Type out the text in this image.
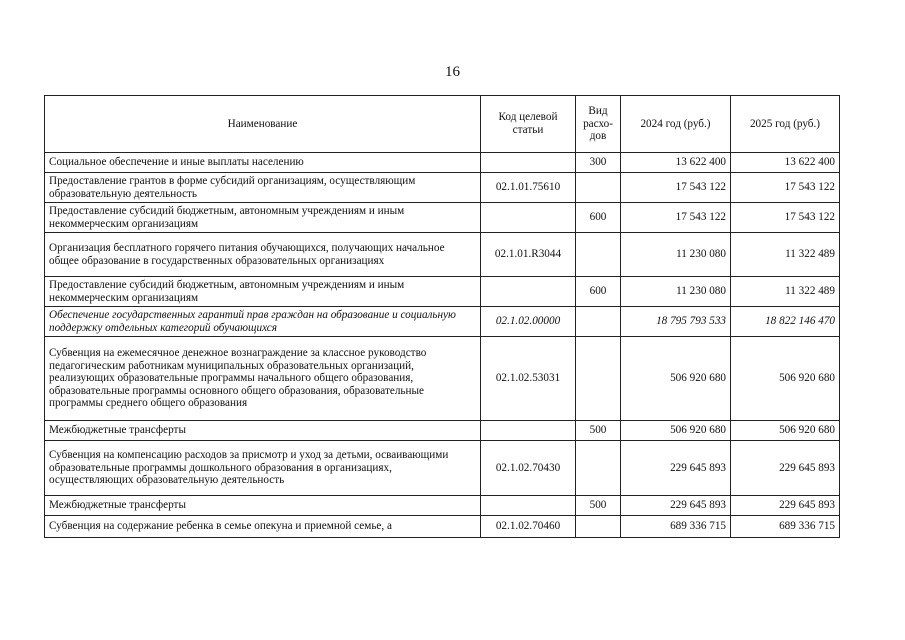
16
Наименование	Код целевой статьи	Вид расхо-дов	2024 год (руб.)	2025 год (руб.)
Социальное обеспечение и иные выплаты населению		300	13 622 400	13 622 400
Предоставление грантов в форме субсидий организациям, осуществляющим образовательную деятельность	02.1.01.75610		17 543 122	17 543 122
Предоставление субсидий бюджетным, автономным учреждениям и иным некоммерческим организациям		600	17 543 122	17 543 122
Организация бесплатного горячего питания обучающихся, получающих начальное общее образование в государственных образовательных организациях	02.1.01.R3044		11 230 080	11 322 489
Предоставление субсидий бюджетным, автономным учреждениям и иным некоммерческим организациям		600	11 230 080	11 322 489
Обеспечение государственных гарантий прав граждан на образование и социальную поддержку отдельных категорий обучающихся	02.1.02.00000		18 795 793 533	18 822 146 470
Субвенция на ежемесячное денежное вознаграждение за классное руководство педагогическим работникам муниципальных образовательных организаций, реализующих образовательные программы начального общего образования, образовательные программы основного общего образования, образовательные программы среднего общего образования	02.1.02.53031		506 920 680	506 920 680
Межбюджетные трансферты		500	506 920 680	506 920 680
Субвенция на компенсацию расходов за присмотр и уход за детьми, осваивающими образовательные программы дошкольного образования в организациях, осуществляющих образовательную деятельность	02.1.02.70430		229 645 893	229 645 893
Межбюджетные трансферты		500	229 645 893	229 645 893
Субвенция на содержание ребенка в семье опекуна и приемной семье, а	02.1.02.70460		689 336 715	689 336 715
